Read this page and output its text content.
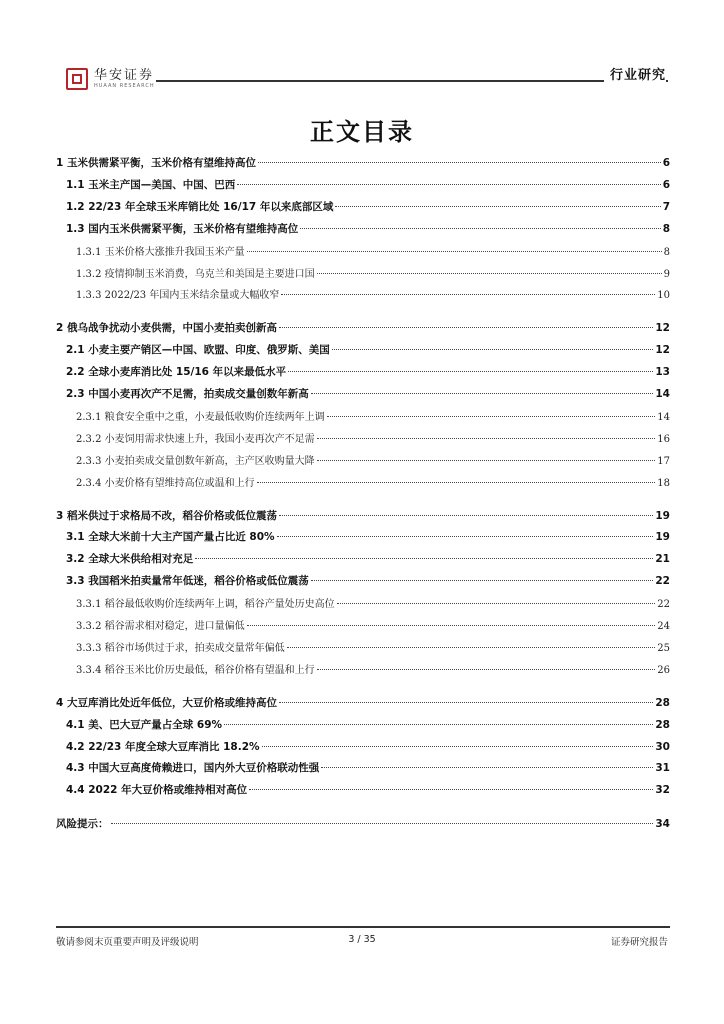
华安证券
HUAAN RESEARCH
行业研究
正文目录
1 玉米供需紧平衡，玉米价格有望维持高位	6
1.1 玉米主产国—美国、中国、巴西	6
1.2 22/23 年全球玉米库销比处 16/17 年以来底部区域	7
1.3 国内玉米供需紧平衡，玉米价格有望维持高位	8
1.3.1 玉米价格大涨推升我国玉米产量	8
1.3.2 疫情抑制玉米消费，乌克兰和美国是主要进口国	9
1.3.3 2022/23 年国内玉米结余量或大幅收窄	10
2 俄乌战争扰动小麦供需，中国小麦拍卖创新高	12
2.1 小麦主要产销区—中国、欧盟、印度、俄罗斯、美国	12
2.2 全球小麦库消比处 15/16 年以来最低水平	13
2.3 中国小麦再次产不足需，拍卖成交量创数年新高	14
2.3.1 粮食安全重中之重，小麦最低收购价连续两年上调	14
2.3.2 小麦饲用需求快速上升，我国小麦再次产不足需	16
2.3.3 小麦拍卖成交量创数年新高，主产区收购量大降	17
2.3.4 小麦价格有望维持高位或温和上行	18
3 稻米供过于求格局不改，稻谷价格或低位震荡	19
3.1 全球大米前十大主产国产量占比近 80%	19
3.2 全球大米供给相对充足	21
3.3 我国稻米拍卖量常年低迷，稻谷价格或低位震荡	22
3.3.1 稻谷最低收购价连续两年上调，稻谷产量处历史高位	22
3.3.2 稻谷需求相对稳定，进口量偏低	24
3.3.3 稻谷市场供过于求，拍卖成交量常年偏低	25
3.3.4 稻谷玉米比价历史最低，稻谷价格有望温和上行	26
4 大豆库消比处近年低位，大豆价格或维持高位	28
4.1 美、巴大豆产量占全球 69%	28
4.2 22/23 年度全球大豆库消比 18.2%	30
4.3 中国大豆高度倚赖进口，国内外大豆价格联动性强	31
4.4 2022 年大豆价格或维持相对高位	32
风险提示：	34
敬请参阅末页重要声明及评级说明	3 / 35	证券研究报告
